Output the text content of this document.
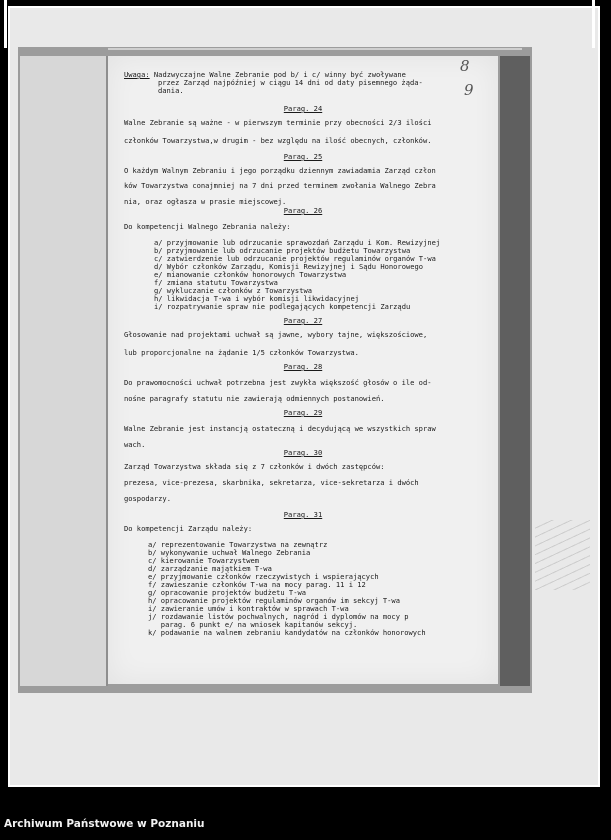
Uwaga: Nadzwyczajne Walne Zebranie pod b/ i c/ winny być zwoływane
przez Zarząd najpóźniej w ciągu 14 dni od daty pisemnego żąda-
dania.
8
9
Parag. 24
Walne Zebranie są ważne - w pierwszym terminie przy obecności 2/3 ilości
członków Towarzystwa,w drugim - bez względu na ilość obecnych, członków.
Parag. 25
O każdym Walnym Zebraniu i jego porządku dziennym zawiadamia Zarząd człon
ków Towarzystwa conajmniej na 7 dni przed terminem zwołania Walnego Zebra
nia, oraz ogłasza w prasie miejscowej.
Parag. 26
Do kompetencji Walnego Zebrania należy:
a/ przyjmowanie lub odrzucanie sprawozdań Zarządu i Kom. Rewizyjnej
b/ przyjmowanie lub odrzucanie projektów budżetu Towarzystwa
c/ zatwierdzenie lub odrzucanie projektów regulaminów organów T-wa
d/ Wybór członków Zarządu, Komisji Rewizyjnej i Sądu Honorowego
e/ mianowanie członków honorowych Towarzystwa
f/ zmiana statutu Towarzystwa
g/ wykluczanie członków z Towarzystwa
h/ likwidacja T-wa i wybór komisji likwidacyjnej
i/ rozpatrywanie spraw nie podlegających kompetencji Zarządu
Parag. 27
Głosowanie nad projektami uchwał są jawne, wybory tajne, większościowe,
lub proporcjonalne na żądanie 1/5 członków Towarzystwa.
Parag. 28
Do prawomocności uchwał potrzebna jest zwykła większość głosów o ile od-
nośne paragrafy statutu nie zawierają odmiennych postanowień.
Parag. 29
Walne Zebranie jest instancją ostateczną i decydującą we wszystkich spraw
wach.
Parag. 30
Zarząd Towarzystwa składa się z 7 członków i dwóch zastępców:
prezesa, vice-prezesa, skarbnika, sekretarza, vice-sekretarza i dwóch
gospodarzy.
Parag. 31
Do kompetencji Zarządu należy:
a/ reprezentowanie Towarzystwa na zewnątrz
b/ wykonywanie uchwał Walnego Zebrania
c/ kierowanie Towarzystwem
d/ zarządzanie majątkiem T-wa
e/ przyjmowanie członków rzeczywistych i wspierających
f/ zawieszanie członków T-wa na mocy parag. 11 i 12
g/ opracowanie projektów budżetu T-wa
h/ opracowanie projektów regulaminów organów im sekcyj T-wa
i/ zawieranie umów i kontraktów w sprawach T-wa
j/ rozdawanie listów pochwalnych, nagród i dyplomów na mocy p
parag. 6 punkt e/ na wniosek kapitanów sekcyj.
k/ podawanie na walnem zebraniu kandydatów na członków honorowych
Archiwum Państwowe w Poznaniu
